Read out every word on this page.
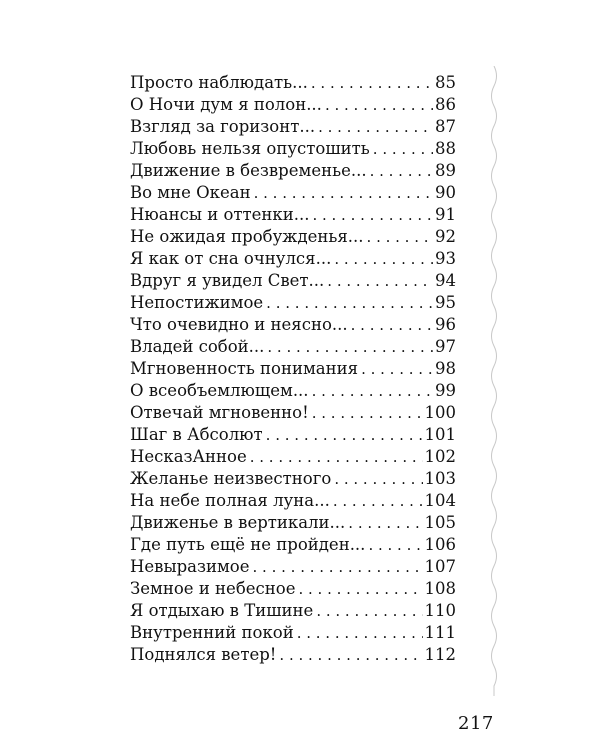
Просто наблюдать... . . .	85
О Ночи дум я полон... . . .	86
Взгляд за горизонт... . . .	87
Любовь нельзя опустошить . . .	88
Движение в безвременье... . . .	89
Во мне Океан . . .	90
Нюансы и оттенки... . . .	91
Не ожидая пробужденья... . . .	92
Я как от сна очнулся... . . .	93
Вдруг я увидел Свет... . . .	94
Непостижимое . . .	95
Что очевидно и неясно... . . .	96
Владей собой... . . .	97
Мгновенность понимания . . .	98
О всеобъемлющем... . . .	99
Отвечай мгновенно! . . .	100
Шаг в Абсолют . . .	101
НесказАнное . . .	102
Желанье неизвестного . . .	103
На небе полная луна... . . .	104
Движенье в вертикали... . . .	105
Где путь ещё не пройден... . . .	106
Невыразимое . . .	107
Земное и небесное . . .	108
Я отдыхаю в Тишине . . .	110
Внутренний покой . . .	111
Поднялся ветер! . . .	112
217
